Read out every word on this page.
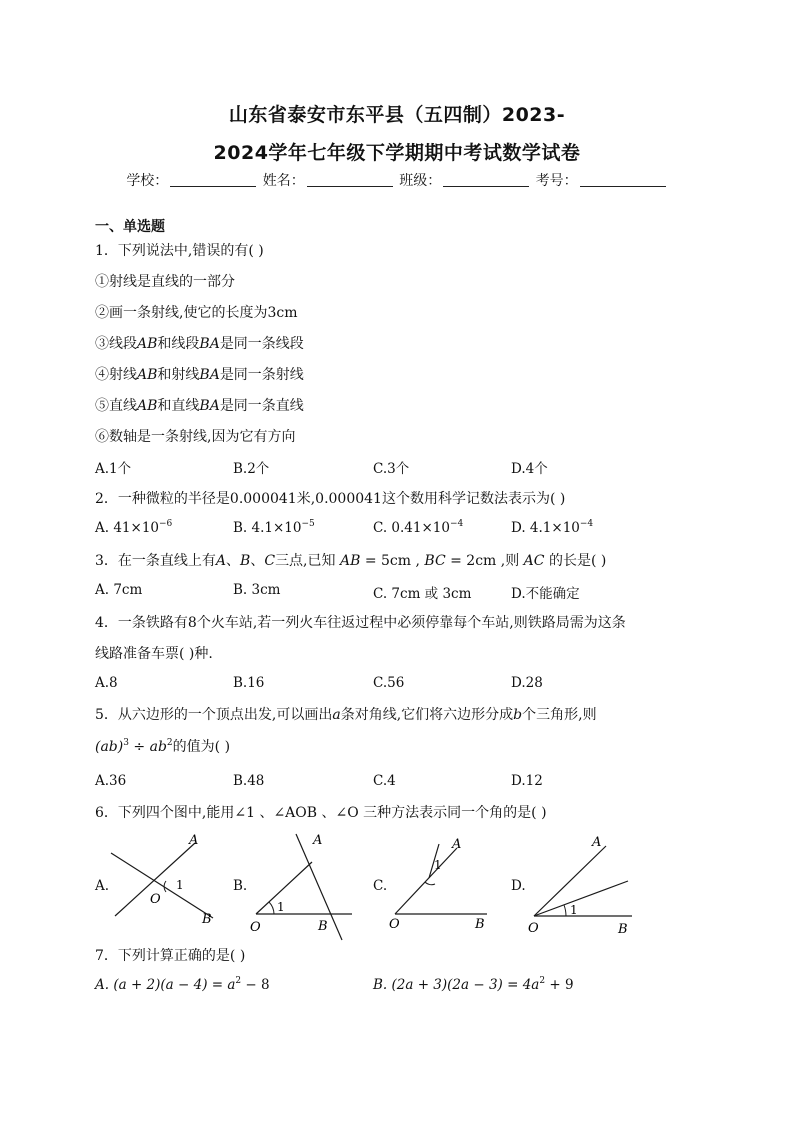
山东省泰安市东平县（五四制）2023-
2024学年七年级下学期期中考试数学试卷
学校：	姓名：	班级：	考号：
一、单选题
1．下列说法中,错误的有( )
①射线是直线的一部分
②画一条射线,使它的长度为3cm
③线段AB和线段BA是同一条线段
④射线AB和射线BA是同一条射线
⑤直线AB和直线BA是同一条直线
⑥数轴是一条射线,因为它有方向
A.1个	B.2个	C.3个	D.4个
2．一种微粒的半径是0.000041米,0.000041这个数用科学记数法表示为( )
A. $41\times 10^{-6}$	B. $4.1\times 10^{-5}$	C. $0.41\times 10^{-4}$	D. $4.1\times 10^{-4}$
3．在一条直线上有A、B、C三点,已知 AB = 5cm , BC = 2cm ,则 AC 的长是( )
A. 7cm	B. 3cm	C. 7cm 或 3cm	D.不能确定
4．一条铁路有8个火车站,若一列火车往返过程中必须停靠每个车站,则铁路局需为这条
线路准备车票( )种.
A.8	B.16	C.56	D.28
5．从六边形的一个顶点出发,可以画出a条对角线,它们将六边形分成b个三角形,则
$(ab)^3 \div ab^2$的值为( )
A.36	B.48	C.4	D.12
6．下列四个图中,能用∠1 、∠AOB 、∠O 三种方法表示同一个角的是( )
A.
A
B
O
1	B.
A
B
O
1
C.
A
1
O	B
D.
A
1
O	B
7．下列计算正确的是( )
A. $(a + 2)(a - 4) = a^2 - 8$	B. $(2a + 3)(2a - 3) = 4a^2 + 9$
